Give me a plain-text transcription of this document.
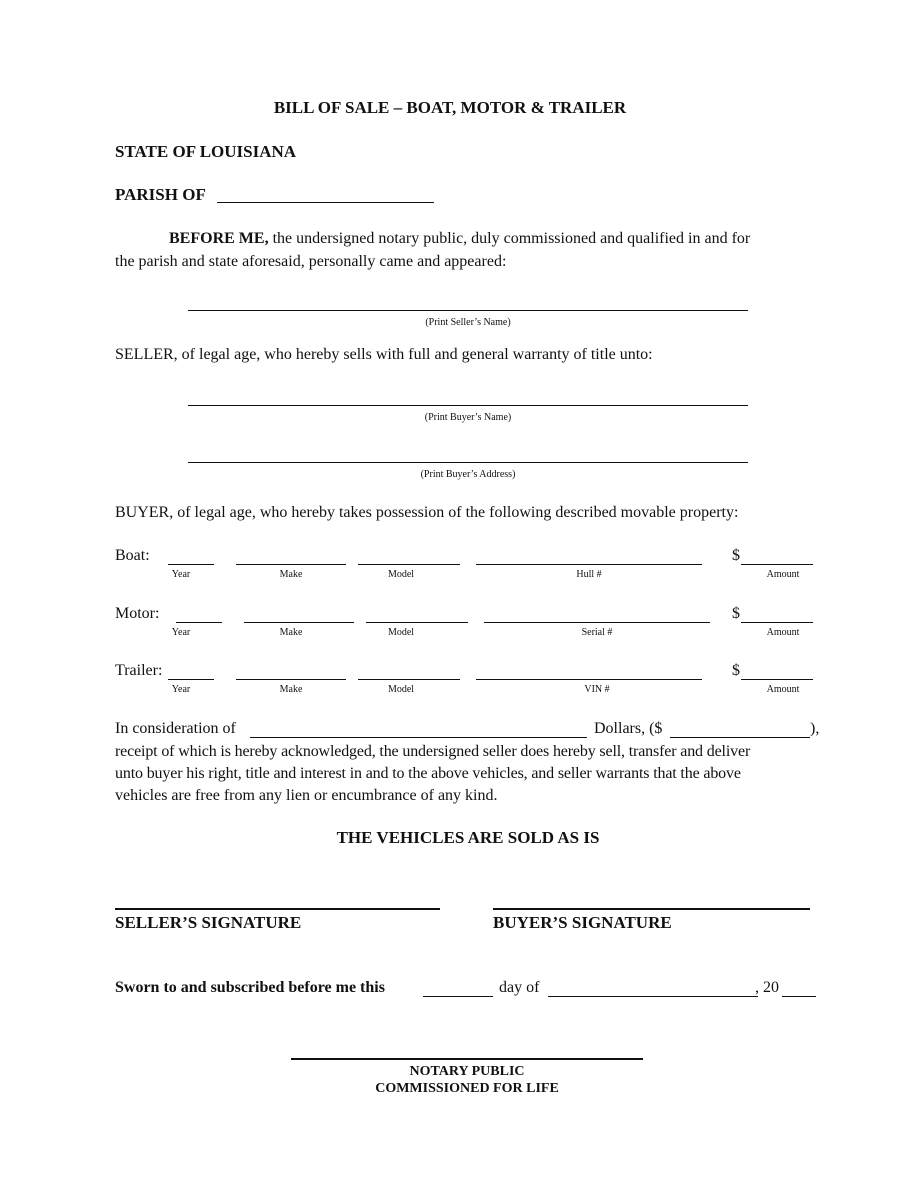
BILL OF SALE – BOAT, MOTOR & TRAILER
STATE OF LOUISIANA
PARISH OF
BEFORE ME, the undersigned notary public, duly commissioned and qualified in and for
the parish and state aforesaid, personally came and appeared:
(Print Seller’s Name)
SELLER, of legal age, who hereby sells with full and general warranty of title unto:
(Print Buyer’s Name)
(Print Buyer’s Address)
BUYER, of legal age, who hereby takes possession of the following described movable property:
Boat:	$
Year	Make	Model	Hull #	Amount
Motor:	$
Year	Make	Model	Serial #	Amount
Trailer:	$
Year	Make	Model	VIN #	Amount
In consideration of	Dollars, ($	),
receipt of which is hereby acknowledged, the undersigned seller does hereby sell, transfer and deliver
unto buyer his right, title and interest in and to the above vehicles, and seller warrants that the above
vehicles are free from any lien or encumbrance of any kind.
THE VEHICLES ARE SOLD AS IS
SELLER’S SIGNATURE	BUYER’S SIGNATURE
Sworn to and subscribed before me this	day of	, 20
NOTARY PUBLIC
COMMISSIONED FOR LIFE
